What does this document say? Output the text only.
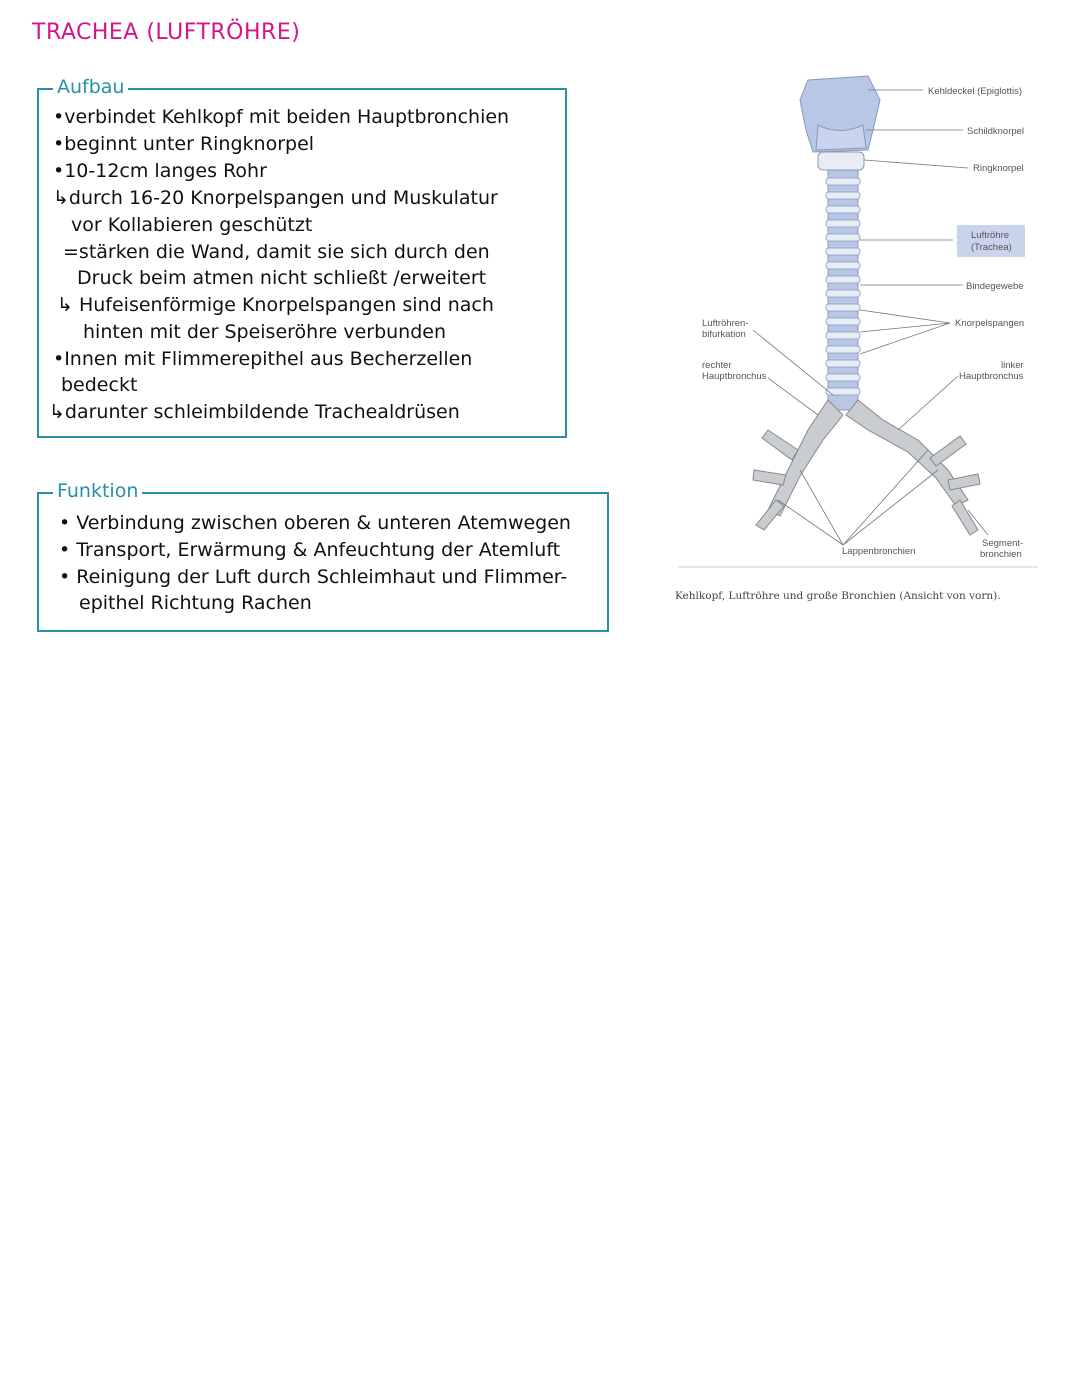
TRACHEA (LUFTRÖHRE)
Aufbau
•verbindet Kehlkopf mit beiden Hauptbronchien
•beginnt unter Ringknorpel
•10-12cm langes Rohr
↳durch 16-20 Knorpelspangen und Muskulatur
vor Kollabieren geschützt
=stärken die Wand, damit sie sich durch den
Druck beim atmen nicht schließt /erweitert
↳ Hufeisenförmige Knorpelspangen sind nach
hinten mit der Speiseröhre verbunden
•Innen mit Flimmerepithel aus Becherzellen
bedeckt
↳darunter schleimbildende Trachealdrüsen
Funktion
• Verbindung zwischen oberen & unteren Atemwegen
• Transport, Erwärmung & Anfeuchtung der Atemluft
• Reinigung der Luft durch Schleimhaut und Flimmer-
epithel Richtung Rachen
Kehldeckel (Epiglottis)
Schildknorpel
Ringknorpel
Luftröhre
(Trachea)
Bindegewebe
Knorpelspangen
Luftröhren-
bifurkation
rechter
Hauptbronchus
linker
Hauptbronchus
Lappenbronchien
Segment-
bronchien
Kehlkopf, Luftröhre und große Bronchien (Ansicht von vorn).
